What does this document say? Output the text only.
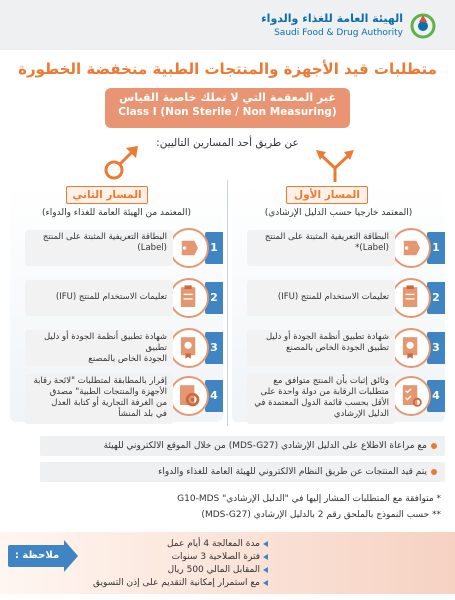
الهيئة العامة للغذاء والدواء
Saudi Food & Drug Authority
متطلبات قيد الأجهزة والمنتجات الطبية منخفضة الخطورة
غير المعقمة التي لا تملك خاصية القياس
Class I (Non Sterile / Non Measuring)
عن طريق أحد المسارين التاليين:
المسار الأول
المسار الثاني
(المعتمد خارجيا حسب الدليل الإرشادي)
(المعتمد من الهيئة العامة للغذاء والدواء)
1
البطاقة التعريفية المثبتة على المنتج
(Label)*
2
تعليمات الاستخدام للمنتج (IFU)
3
شهادة تطبيق أنظمة الجودة أو دليل
تطبيق الجودة الخاص بالمصنع
4
وثائق إثبات بأن المنتج متوافق مع
متطلبات الرقابة من دولة واحدة على
الأقل بحسب قائمة الدول المعتمدة في
الدليل الإرشادي
1
البطاقة التعريفية المثبتة على المنتج
(Label)
2
تعليمات الاستخدام للمنتج (IFU)
3
شهادة تطبيق أنظمة الجودة أو دليل تطبيق
الجودة الخاص بالمصنع
4
إقرار بالمطابقة لمتطلبات "لائحة رقابة
الأجهزة والمنتجات الطبية" مصدق
من الغرفة التجارية أو كتابة العدل
في بلد المنشأ
مع مراعاة الاطلاع على الدليل الإرشادي (MDS-G27) من خلال الموقع الالكتروني للهيئة
يتم قيد المنتجات عن طريق النظام الالكتروني للهيئة العامة للغذاء والدواء
* متوافقة مع المتطلبات المشار إليها في "الدليل الإرشادي" G10-MDS
** حسب النموذج بالملحق رقم 2 بالدليل الإرشادي (MDS-G27)
ملاحظة :
مدة المعالجة 4 أيام عمل
فترة الصلاحية 3 سنوات
المقابل المالي 500 ريال
مع استمرار إمكانية التقديم على إذن التسويق
